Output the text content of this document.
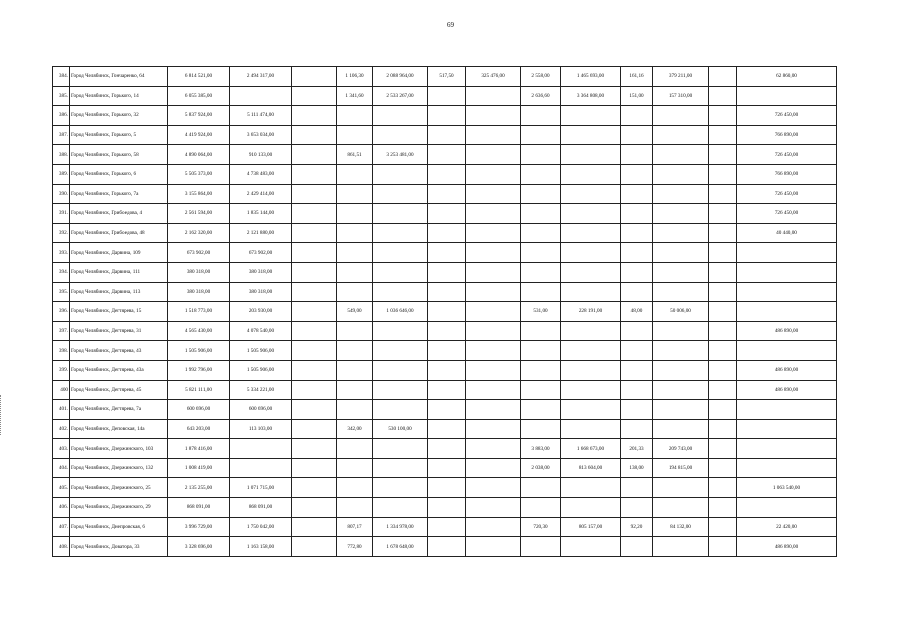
69
384.	Город Челябинск, Гончаренко, 64	6 814 521,00	2 494 317,00		1 106,30	2 088 964,00	517,50	325 476,00	2 558,00	1 465 693,00	161,16	379 211,00		62 860,00
385.	Город Челябинск, Горького, 14	6 055 385,00			1 341,60	2 533 267,00			2 636,60	3 364 808,00	151,00	157 310,00		
386.	Город Челябинск, Горького, 32	5 837 924,00	5 111 474,00											726 450,00
387.	Город Челябинск, Горького, 5	4 419 924,00	3 653 034,00											766 890,00
388.	Город Челябинск, Горького, 58	4 890 064,00	910 133,00		861,51	3 253 481,00								726 450,00
389.	Город Челябинск, Горького, 6	5 505 373,00	4 738 483,00											766 890,00
390.	Город Челябинск, Горького, 7а	3 155 864,00	2 429 414,00											726 450,00
391.	Город Челябинск, Грибоедова, 4	2 561 594,00	1 835 144,00											726 450,00
392.	Город Челябинск, Грибоедова, 48	2 162 320,00	2 121 880,00											40 440,00
393.	Город Челябинск, Дарвина, 109	673 902,00	673 902,00											
394.	Город Челябинск, Дарвина, 111	380 318,00	380 318,00											
395.	Город Челябинск, Дарвина, 113	380 318,00	380 318,00											
396.	Город Челябинск, Дегтярева, 15	1 518 773,00	203 930,00		549,00	1 036 646,00			531,00	228 191,00	48,00	50 006,00		
397.	Город Челябинск, Дегтярева, 31	4 565 430,00	4 078 540,00											486 890,00
398.	Город Челябинск, Дегтярева, 43	1 505 906,00	1 505 906,00											
399.	Город Челябинск, Дегтярева, 43а	1 992 796,00	1 505 906,00											486 890,00
400	Город Челябинск, Дегтярева, 45	5 821 111,00	5 334 221,00											486 890,00
401.	Город Челябинск, Дегтярева, 7а	600 696,00	600 696,00											
402.	Город Челябинск, Деповская, 14а	643 203,00	113 103,00		342,00	530 100,00								
403.	Город Челябинск, Дзержинского, 103	1 878 416,00							3 883,00	1 668 673,00	201,33	209 743,00		
404.	Город Челябинск, Дзержинского, 132	1 008 419,00							2 038,00	813 604,00	138,00	194 815,00		
405.	Город Челябинск, Дзержинского, 25	2 135 255,00	1 071 715,00											1 063 540,00
406.	Город Челябинск, Дзержинского, 29	868 091,00	868 091,00											
407.	Город Челябинск, Днепровская, 6	3 996 729,00	1 750 042,00		807,17	1 334 978,00			720,30	805 157,00	92,20	84 132,00		22 420,00
408.	Город Челябинск, Доватора, 33	3 328 696,00	1 163 158,00		772,80	1 678 648,00								486 890,00
